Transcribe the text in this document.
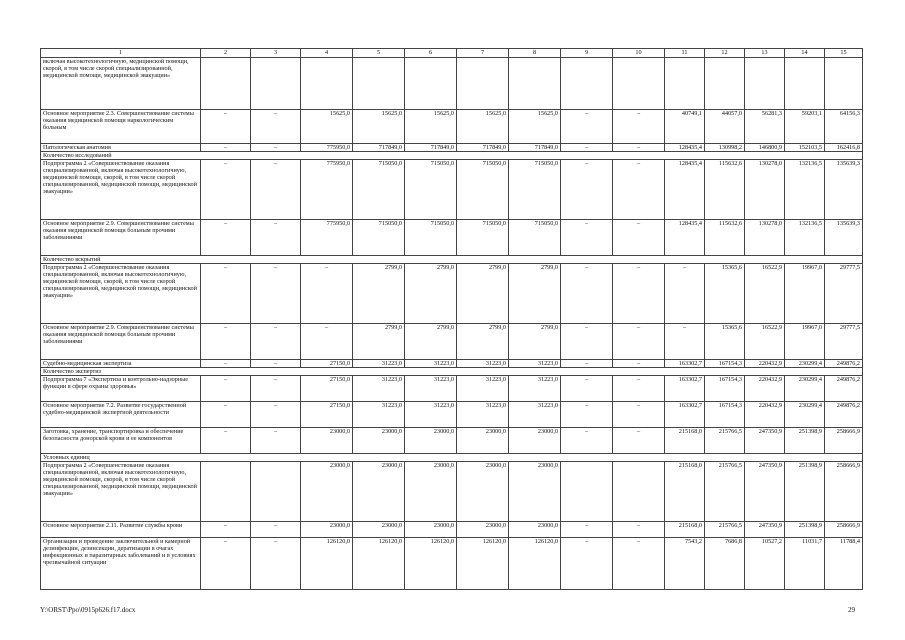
1	2	3	4	5	6	7	8	9	10	11	12	13	14	15
включая высокотехнологичную, медицинской помощи, скорой, в том числе скорой специализированной, медицинской помощи, медицинской эвакуации»														
Основное мероприятие 2.3. Совершенствование системы оказания медицинской помощи наркологическим больным	–	–	15625,0	15625,0	15625,0	15625,0	15625,0	–	–	40749,1	44057,0	56281,3	59203,1	64156,3
Патологическая анатомия	–	–	775950,0	717849,0	717849,0	717849,0	717849,0	–	–	128435,4	130998,2	146800,9	152103,5	162416,8
Количество исследований														
Подпрограмма 2 «Совершенствование оказания специализированной, включая высокотехнологичную, медицинской помощи, скорой, в том числе скорой специализированной, медицинской помощи, медицинской эвакуации»	–	–	775950,0	715050,0	715050,0	715050,0	715050,0	–	–	128435,4	115632,6	130278,0	132136,5	135639,3
Основное мероприятие 2.9. Совершенствование системы оказания медицинской помощи больным прочими заболеваниями	–	–	775950,0	715050,0	715050,0	715050,0	715050,0	–	–	128435,4	115632,6	130278,0	132136,5	135639,3
Количество вскрытий														
Подпрограмма 2 «Совершенствование оказания специализированной, включая высокотехнологичную, медицинской помощи, скорой, в том числе скорой специализированной, медицинской помощи, медицинской эвакуации»	–	–	–	2799,0	2799,0	2799,0	2799,0	–	–	–	15365,6	16522,9	19967,0	29777,5
Основное мероприятие 2.9. Совершенствование системы оказания медицинской помощи больным прочими заболеваниями	–	–	–	2799,0	2799,0	2799,0	2799,0	–	–	–	15365,6	16522,9	19967,0	29777,5
Судебно-медицинская экспертиза	–	–	27150,0	31223,0	31223,0	31223,0	31223,0	–	–	163302,7	167154,3	220432,9	230299,4	249876,2
Количество экспертиз														
Подпрограмма 7 «Экспертиза и контрольно-надзорные функции в сфере охраны здоровья»	–	–	27150,0	31223,0	31223,0	31223,0	31223,0	–	–	163302,7	167154,3	220432,9	230299,4	249876,2
Основное мероприятие 7.2. Развитие государственной судебно-медицинской экспертной деятельности	–	–	27150,0	31223,0	31223,0	31223,0	31223,0	–	–	163302,7	167154,3	220432,9	230299,4	249876,2
Заготовка, хранение, транспортировка и обеспечение безопасности донорской крови и ее компонентов	–	–	23000,0	23000,0	23000,0	23000,0	23000,0	–	–	215168,0	215766,5	247350,9	251398,9	258666,9
Условных единиц														
Подпрограмма 2 «Совершенствование оказания специализированной, включая высокотехнологичную, медицинской помощи, скорой, в том числе скорой специализированной, медицинской помощи, медицинской эвакуации»			23000,0	23000,0	23000,0	23000,0	23000,0			215168,0	215766,5	247350,9	251398,9	258666,9
Основное мероприятие 2.11. Развитие службы крови	–	–	23000,0	23000,0	23000,0	23000,0	23000,0	–	–	215168,0	215766,5	247350,9	251398,9	258666,9
Организация и проведение заключительной и камерной дезинфекции, дезинсекции, дератизации в очагах инфекционных и паразитарных заболеваний и в условиях чрезвычайной ситуации	–	–	126120,0	126120,0	126120,0	126120,0	126120,0	–	–	7543,2	7686,8	10527,2	11031,7	11788,4
Y:\ORST\Ppo\0915p626.f17.docx	29
